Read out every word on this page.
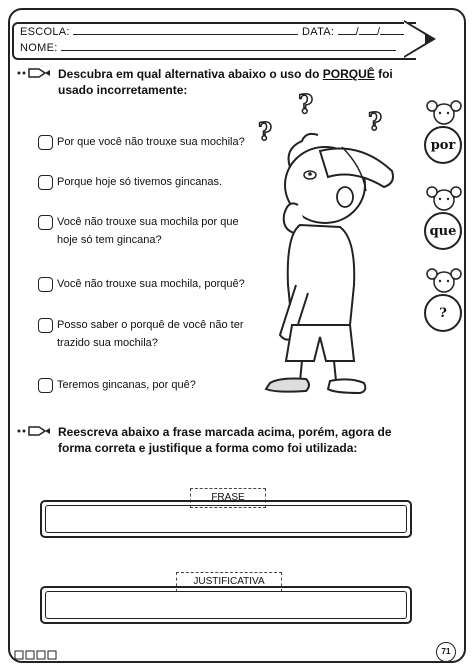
ESCOLA:	DATA: / /
NOME:
Descubra em qual alternativa abaixo o uso do PORQUÊ foi usado incorretamente:
Por que você não trouxe sua mochila?
Porque hoje só tivemos gincanas.
Você não trouxe sua mochila por que
hoje só tem gincana?
Você não trouxe sua mochila, porquê?
Posso saber o porquê de você não ter
trazido sua mochila?
Teremos gincanas, por quê?
?
?	?
por
que
?
Reescreva abaixo a frase marcada acima, porém, agora de forma correta e justifique a forma como foi utilizada:
FRASE
JUSTIFICATIVA
71
